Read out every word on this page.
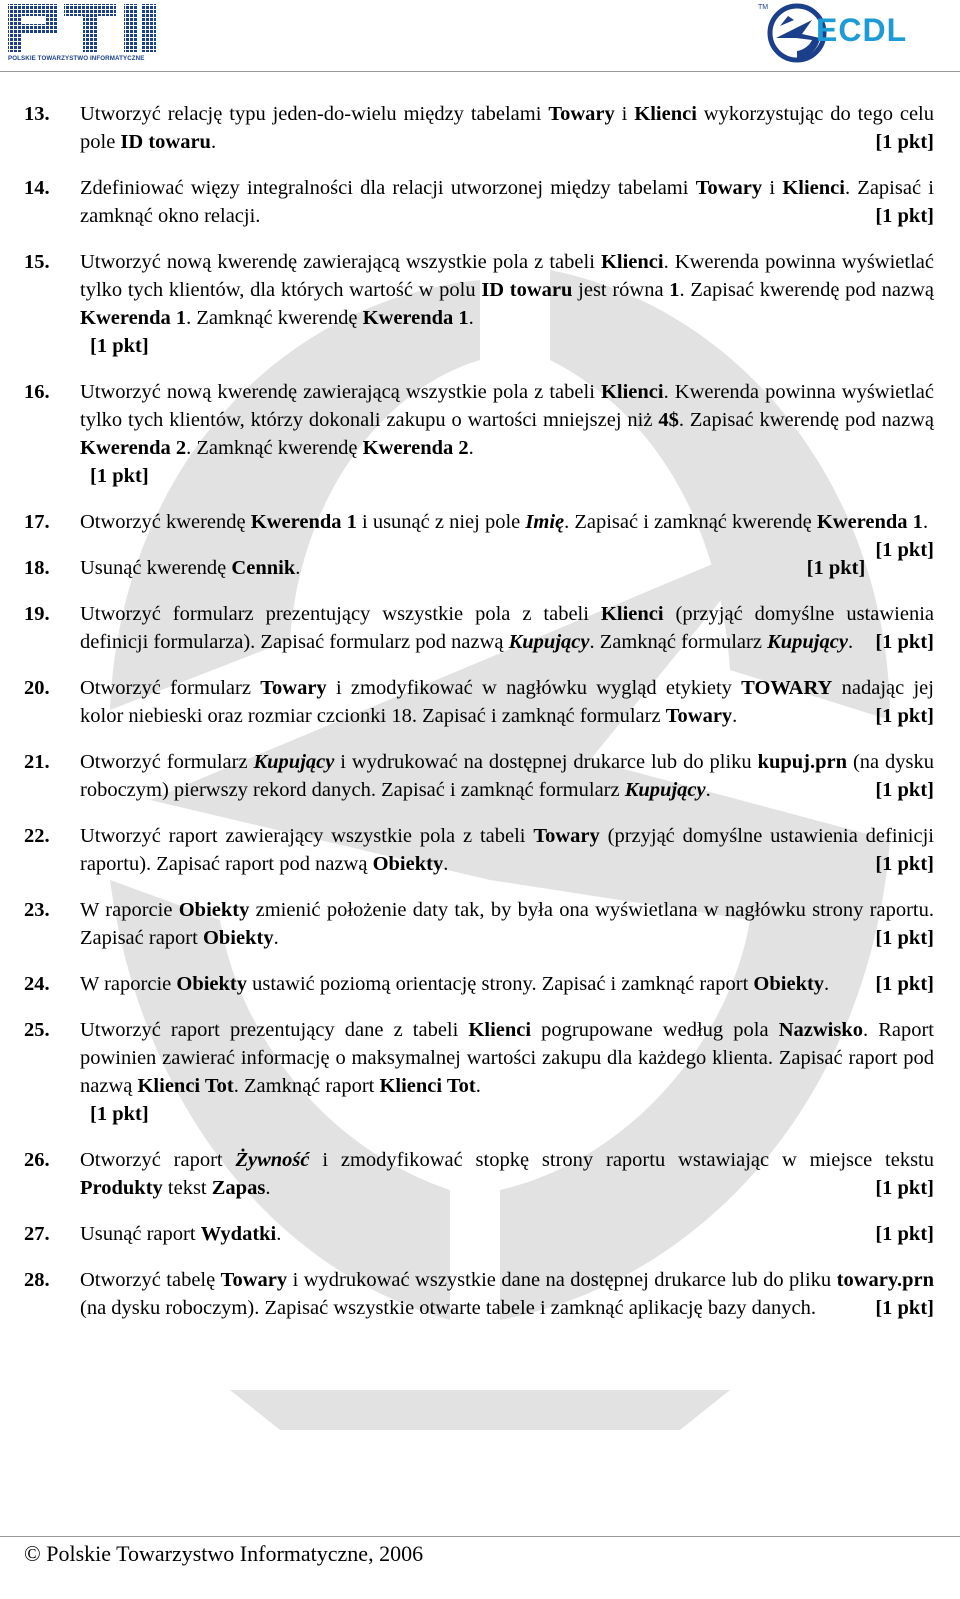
POLSKIE TOWARZYSTWO INFORMATYCZNE
TM
ECDL
13.	Utworzyć relację typu jeden-do-wielu między tabelami Towary i Klienci wykorzystując do tego celu pole ID towaru.	[1 pkt]
14.	Zdefiniować więzy integralności dla relacji utworzonej między tabelami Towary i Klienci. Zapisać i zamknąć okno relacji.	[1 pkt]
15.	Utworzyć nową kwerendę zawierającą wszystkie pola z tabeli Klienci. Kwerenda powinna wyświetlać tylko tych klientów, dla których wartość w polu ID towaru jest równa 1. Zapisać kwerendę pod nazwą Kwerenda 1. Zamknąć kwerendę Kwerenda 1.
[1 pkt]
16.	Utworzyć nową kwerendę zawierającą wszystkie pola z tabeli Klienci. Kwerenda powinna wyświetlać tylko tych klientów, którzy dokonali zakupu o wartości mniejszej niż 4$. Zapisać kwerendę pod nazwą Kwerenda 2. Zamknąć kwerendę Kwerenda 2.
[1 pkt]
17.	Otworzyć kwerendę Kwerenda 1 i usunąć z niej pole Imię. Zapisać i zamknąć kwerendę Kwerenda 1.
[1 pkt]
18.	Usunąć kwerendę Cennik.	[1 pkt]
19.	Utworzyć formularz prezentujący wszystkie pola z tabeli Klienci (przyjąć domyślne ustawienia definicji formularza). Zapisać formularz pod nazwą Kupujący. Zamknąć formularz Kupujący. [1 pkt]
20.	Otworzyć formularz Towary i zmodyfikować w nagłówku wygląd etykiety TOWARY nadając jej kolor niebieski oraz rozmiar czcionki 18. Zapisać i zamknąć formularz Towary.	[1 pkt]
21.	Otworzyć formularz Kupujący i wydrukować na dostępnej drukarce lub do pliku kupuj.prn (na dysku roboczym) pierwszy rekord danych. Zapisać i zamknąć formularz Kupujący.	[1 pkt]
22.	Utworzyć raport zawierający wszystkie pola z tabeli Towary (przyjąć domyślne ustawienia definicji raportu). Zapisać raport pod nazwą Obiekty.	[1 pkt]
23.	W raporcie Obiekty zmienić położenie daty tak, by była ona wyświetlana w nagłówku strony raportu. Zapisać raport Obiekty.	[1 pkt]
24.	W raporcie Obiekty ustawić poziomą orientację strony. Zapisać i zamknąć raport Obiekty. [1 pkt]
25.	Utworzyć raport prezentujący dane z tabeli Klienci pogrupowane według pola Nazwisko. Raport powinien zawierać informację o maksymalnej wartości zakupu dla każdego klienta. Zapisać raport pod nazwą Klienci Tot. Zamknąć raport Klienci Tot.
[1 pkt]
26.	Otworzyć raport Żywność i zmodyfikować stopkę strony raportu wstawiając w miejsce tekstu Produkty tekst Zapas.	[1 pkt]
27.	Usunąć raport Wydatki.	[1 pkt]
28.	Otworzyć tabelę Towary i wydrukować wszystkie dane na dostępnej drukarce lub do pliku towary.prn (na dysku roboczym). Zapisać wszystkie otwarte tabele i zamknąć aplikację bazy danych.	[1 pkt]
© Polskie Towarzystwo Informatyczne, 2006
